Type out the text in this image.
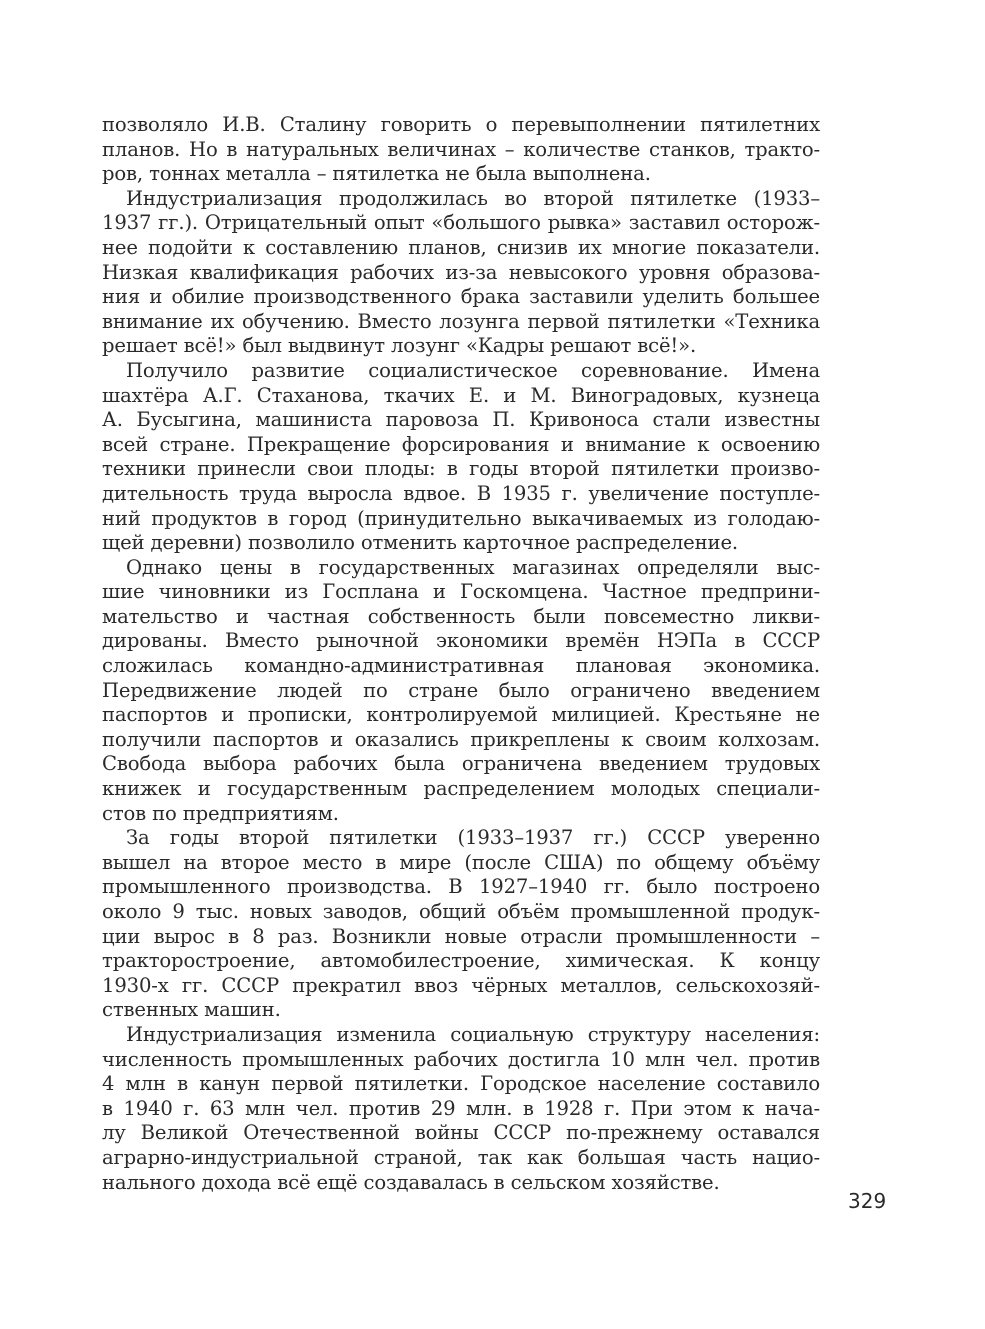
позволяло И.В. Сталину говорить о перевыполнении пятилетних
планов. Но в натуральных величинах – количестве станков, тракто-
ров, тоннах металла – пятилетка не была выполнена.
Индустриализация продолжилась во второй пятилетке (1933–
1937 гг.). Отрицательный опыт «большого рывка» заставил осторож-
нее подойти к составлению планов, снизив их многие показатели.
Низкая квалификация рабочих из-за невысокого уровня образова-
ния и обилие производственного брака заставили уделить большее
внимание их обучению. Вместо лозунга первой пятилетки «Техника
решает всё!» был выдвинут лозунг «Кадры решают всё!».
Получило развитие социалистическое соревнование. Имена
шахтёра А.Г. Стаханова, ткачих Е. и М. Виноградовых, кузнеца
А. Бусыгина, машиниста паровоза П. Кривоноса стали известны
всей стране. Прекращение форсирования и внимание к освоению
техники принесли свои плоды: в годы второй пятилетки произво-
дительность труда выросла вдвое. В 1935 г. увеличение поступле-
ний продуктов в город (принудительно выкачиваемых из голодаю-
щей деревни) позволило отменить карточное распределение.
Однако цены в государственных магазинах определяли выс-
шие чиновники из Госплана и Госкомцена. Частное предприни-
мательство и частная собственность были повсеместно ликви-
дированы. Вместо рыночной экономики времён НЭПа в СССР
сложилась командно-административная плановая экономика.
Передвижение людей по стране было ограничено введением
паспортов и прописки, контролируемой милицией. Крестьяне не
получили паспортов и оказались прикреплены к своим колхозам.
Свобода выбора рабочих была ограничена введением трудовых
книжек и государственным распределением молодых специали-
стов по предприятиям.
За годы второй пятилетки (1933–1937 гг.) СССР уверенно
вышел на второе место в мире (после США) по общему объёму
промышленного производства. В 1927–1940 гг. было построено
около 9 тыс. новых заводов, общий объём промышленной продук-
ции вырос в 8 раз. Возникли новые отрасли промышленности –
тракторостроение, автомобилестроение, химическая. К концу
1930-х гг. СССР прекратил ввоз чёрных металлов, сельскохозяй-
ственных машин.
Индустриализация изменила социальную структуру населения:
численность промышленных рабочих достигла 10 млн чел. против
4 млн в канун первой пятилетки. Городское население составило
в 1940 г. 63 млн чел. против 29 млн. в 1928 г. При этом к нача-
лу Великой Отечественной войны СССР по-прежнему оставался
аграрно-индустриальной страной, так как большая часть нацио-
нального дохода всё ещё создавалась в сельском хозяйстве.
329
